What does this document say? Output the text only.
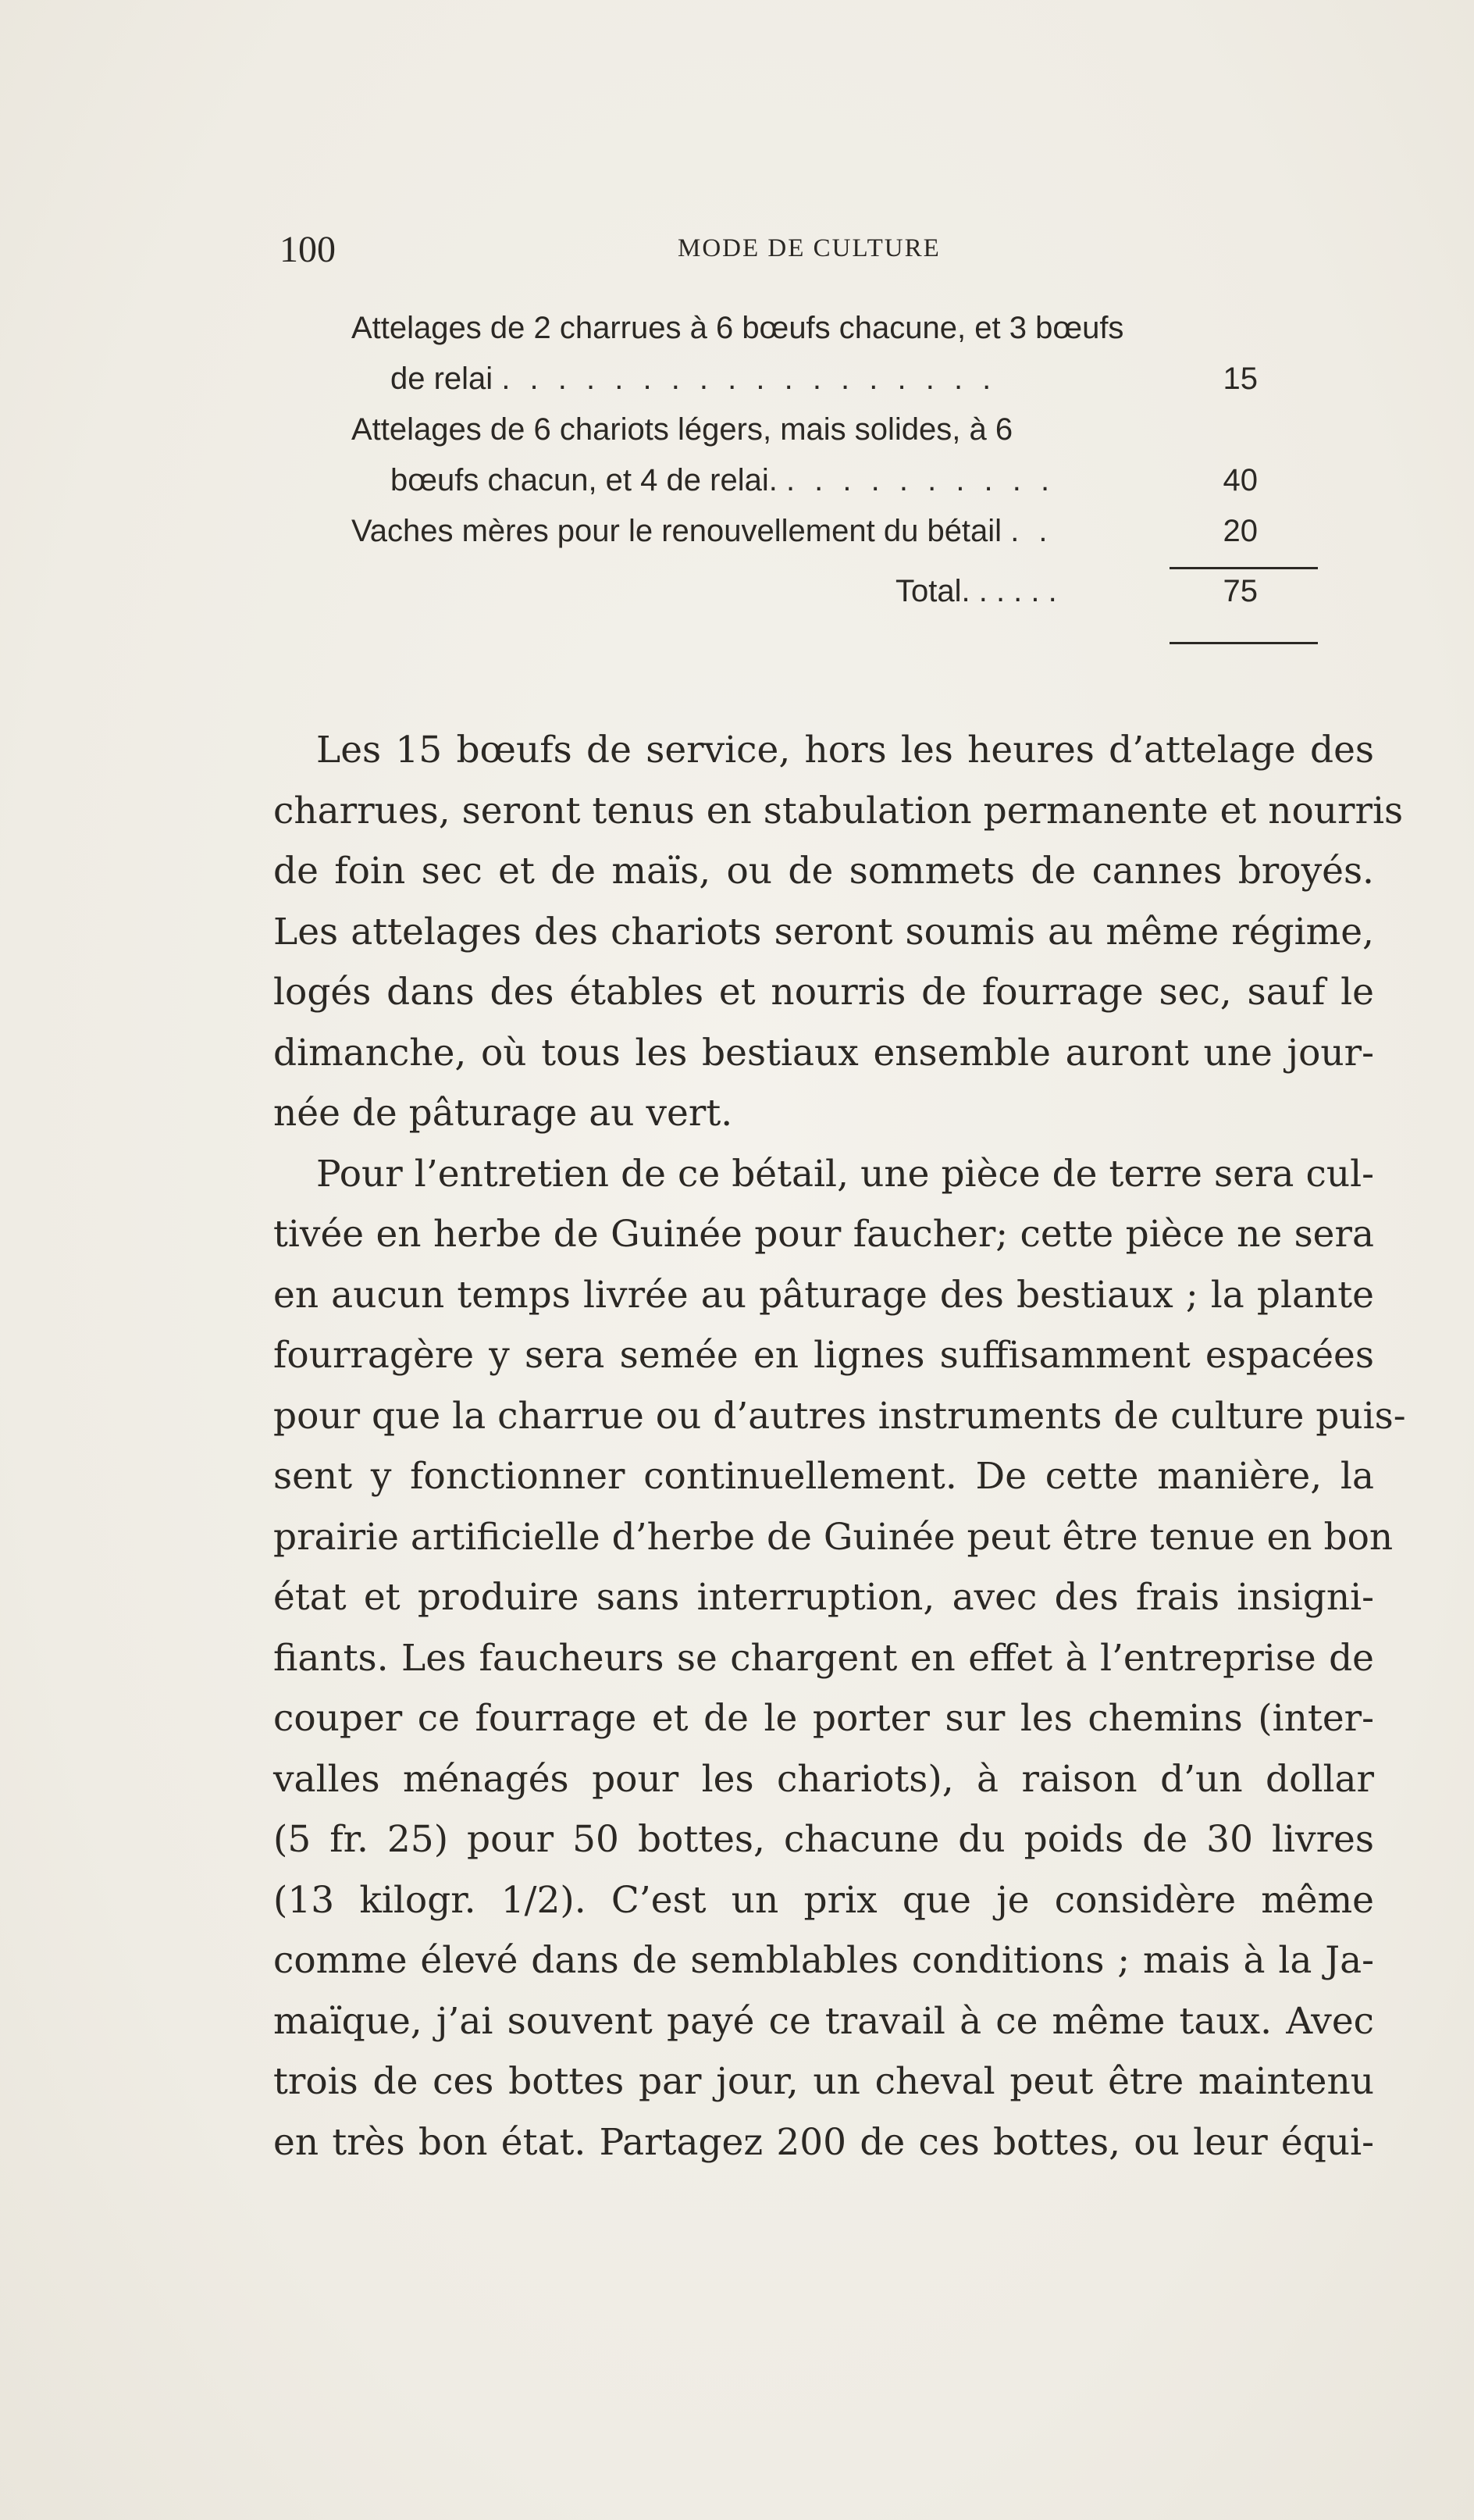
100	MODE DE CULTURE
Attelages de 2 charrues à 6 bœufs chacune, et 3 bœufs
de relai . . . . . . . . . . . . . . . . . .	15
Attelages de 6 chariots légers, mais solides, à 6
bœufs chacun, et 4 de relai. . . . . . . . . . .	40
Vaches mères pour le renouvellement du bétail . .	20
Total. . . . . .	75
Les 15 bœufs de service, hors les heures d’attelage des
charrues, seront tenus en stabulation permanente et nourris
de foin sec et de maïs, ou de sommets de cannes broyés.
Les attelages des chariots seront soumis au même régime,
logés dans des étables et nourris de fourrage sec, sauf le
dimanche, où tous les bestiaux ensemble auront une jour-
née de pâturage au vert.
Pour l’entretien de ce bétail, une pièce de terre sera cul-
tivée en herbe de Guinée pour faucher; cette pièce ne sera
en aucun temps livrée au pâturage des bestiaux ; la plante
fourragère y sera semée en lignes suffisamment espacées
pour que la charrue ou d’autres instruments de culture puis-
sent y fonctionner continuellement. De cette manière, la
prairie artificielle d’herbe de Guinée peut être tenue en bon
état et produire sans interruption, avec des frais insigni-
fiants. Les faucheurs se chargent en effet à l’entreprise de
couper ce fourrage et de le porter sur les chemins (inter-
valles ménagés pour les chariots), à raison d’un dollar
(5 fr. 25) pour 50 bottes, chacune du poids de 30 livres
(13 kilogr. 1/2). C’est un prix que je considère même
comme élevé dans de semblables conditions ; mais à la Ja-
maïque, j’ai souvent payé ce travail à ce même taux. Avec
trois de ces bottes par jour, un cheval peut être maintenu
en très bon état. Partagez 200 de ces bottes, ou leur équi-
